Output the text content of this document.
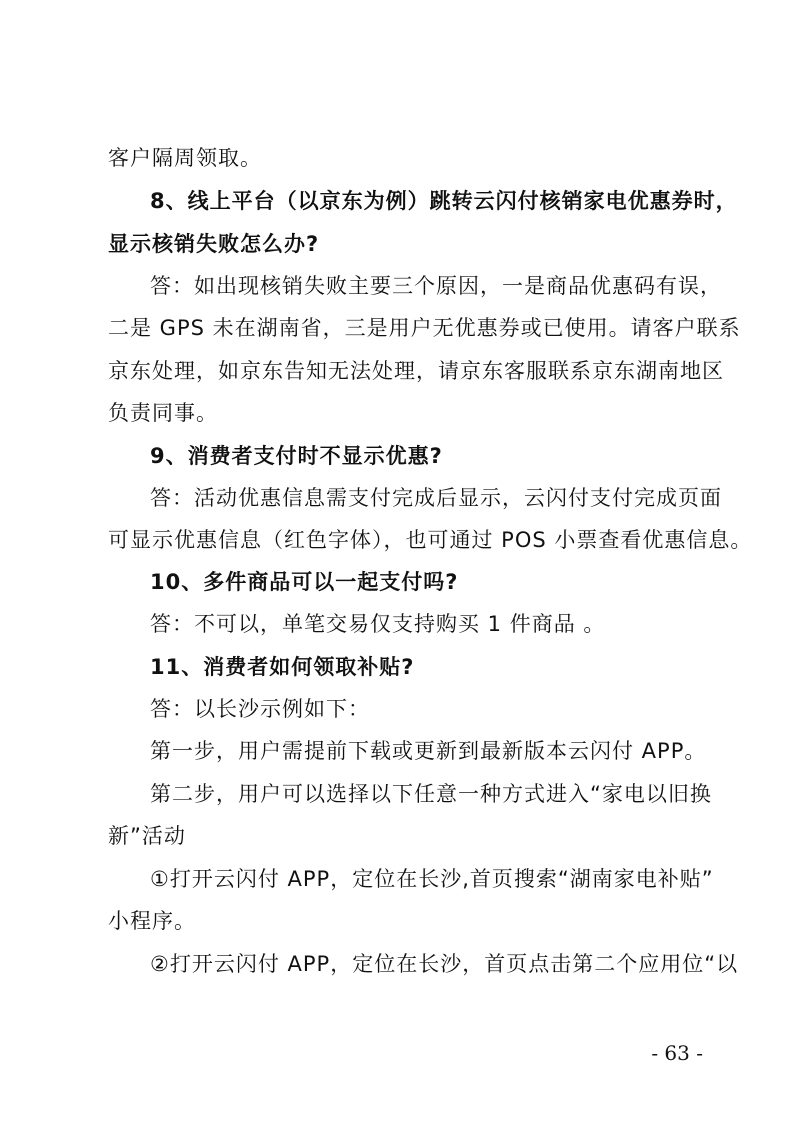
客户隔周领取。
8、线上平台（以京东为例）跳转云闪付核销家电优惠券时，
显示核销失败怎么办?
答：如出现核销失败主要三个原因，一是商品优惠码有误，
二是 GPS 未在湖南省，三是用户无优惠券或已使用。请客户联系
京东处理，如京东告知无法处理，请京东客服联系京东湖南地区
负责同事。
9、消费者支付时不显示优惠?
答：活动优惠信息需支付完成后显示，云闪付支付完成页面
可显示优惠信息（红色字体），也可通过 POS 小票查看优惠信息。
10、多件商品可以一起支付吗?
答：不可以，单笔交易仅支持购买 1 件商品 。
11、消费者如何领取补贴?
答：以长沙示例如下：
第一步，用户需提前下载或更新到最新版本云闪付 APP。
第二步，用户可以选择以下任意一种方式进入“家电以旧换
新”活动
①打开云闪付 APP，定位在长沙,首页搜索“湖南家电补贴”
小程序。
②打开云闪付 APP，定位在长沙，首页点击第二个应用位“以
- 63 -
